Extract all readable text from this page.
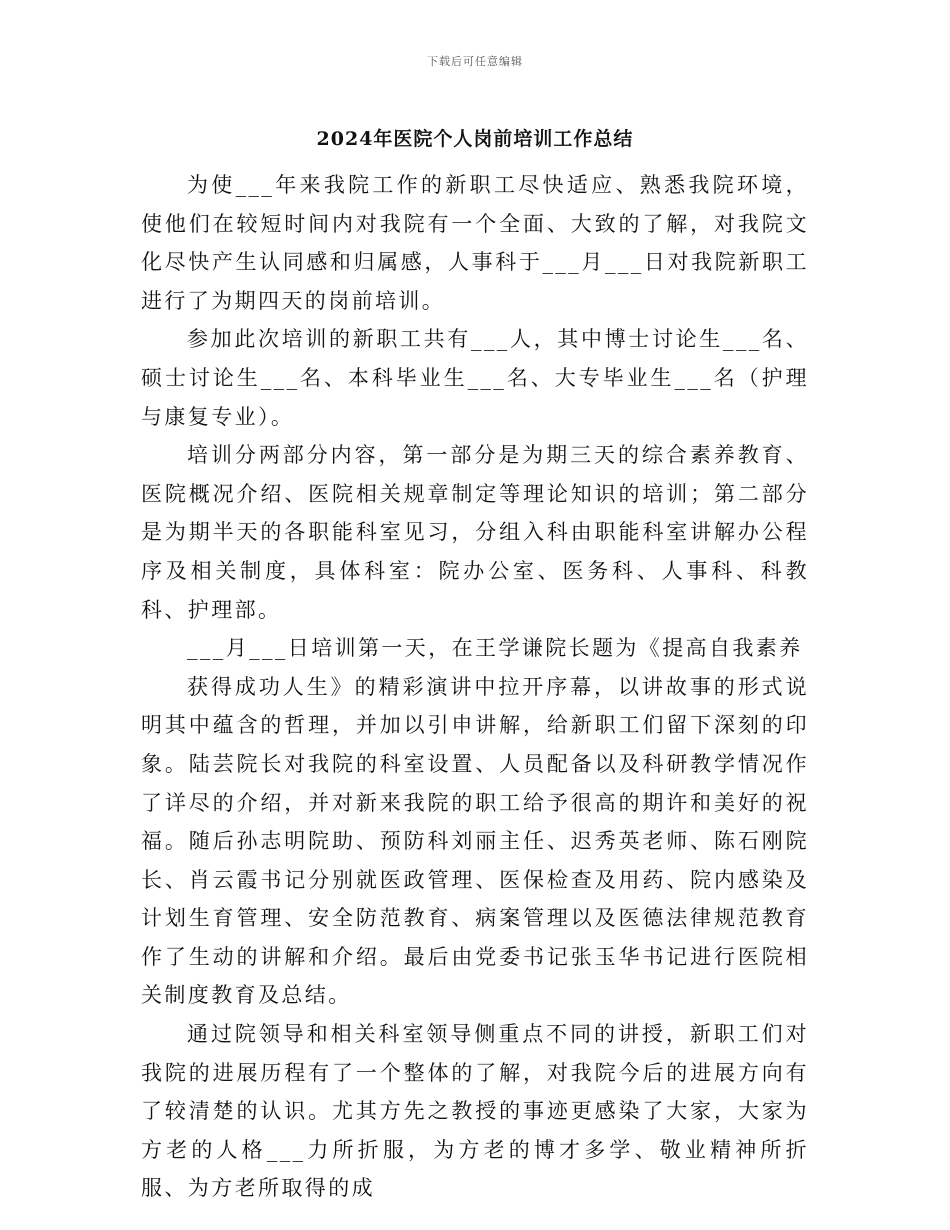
下载后可任意编辑
2024年医院个人岗前培训工作总结

为使___年来我院工作的新职工尽快适应、熟悉我院环境，使他们在较短时间内对我院有一个全面、大致的了解，对我院文化尽快产生认同感和归属感，人事科于___月___日对我院新职工进行了为期四天的岗前培训。

参加此次培训的新职工共有___人，其中博士讨论生___名、硕士讨论生___名、本科毕业生___名、大专毕业生___名（护理与康复专业）。

培训分两部分内容，第一部分是为期三天的综合素养教育、医院概况介绍、医院相关规章制定等理论知识的培训；第二部分是为期半天的各职能科室见习，分组入科由职能科室讲解办公程序及相关制度，具体科室：院办公室、医务科、人事科、科教科、护理部。

___月___日培训第一天，在王学谦院长题为《提高自我素养

获得成功人生》的精彩演讲中拉开序幕，以讲故事的形式说明其中蕴含的哲理，并加以引申讲解，给新职工们留下深刻的印象。陆芸院长对我院的科室设置、人员配备以及科研教学情况作了详尽的介绍，并对新来我院的职工给予很高的期许和美好的祝福。随后孙志明院助、预防科刘丽主任、迟秀英老师、陈石刚院长、肖云霞书记分别就医政管理、医保检查及用药、院内感染及计划生育管理、安全防范教育、病案管理以及医德法律规范教育作了生动的讲解和介绍。最后由党委书记张玉华书记进行医院相关制度教育及总结。

通过院领导和相关科室领导侧重点不同的讲授，新职工们对我院的进展历程有了一个整体的了解，对我院今后的进展方向有了较清楚的认识。尤其方先之教授的事迹更感染了大家，大家为方老的人格___力所折服，为方老的博才多学、敬业精神所折服、为方老所取得的成
